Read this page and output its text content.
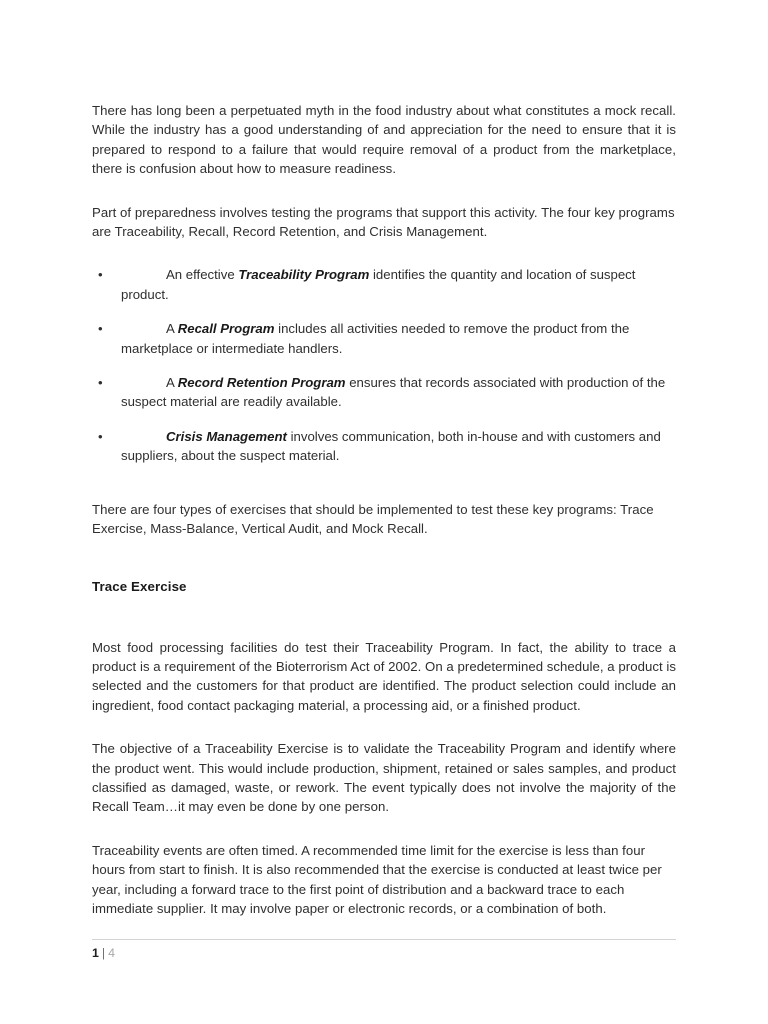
There has long been a perpetuated myth in the food industry about what constitutes a mock recall. While the industry has a good understanding of and appreciation for the need to ensure that it is prepared to respond to a failure that would require removal of a product from the marketplace, there is confusion about how to measure readiness.

Part of preparedness involves testing the programs that support this activity. The four key programs are Traceability, Recall, Record Retention, and Crisis Management.

•	An effective Traceability Program identifies the quantity and location of suspect product.
•	A Recall Program includes all activities needed to remove the product from the marketplace or intermediate handlers.
•	A Record Retention Program ensures that records associated with production of the suspect material are readily available.
•	Crisis Management involves communication, both in-house and with customers and suppliers, about the suspect material.

There are four types of exercises that should be implemented to test these key programs: Trace Exercise, Mass-Balance, Vertical Audit, and Mock Recall.

Trace Exercise

Most food processing facilities do test their Traceability Program. In fact, the ability to trace a product is a requirement of the Bioterrorism Act of 2002. On a predetermined schedule, a product is selected and the customers for that product are identified. The product selection could include an ingredient, food contact packaging material, a processing aid, or a finished product.

The objective of a Traceability Exercise is to validate the Traceability Program and identify where the product went. This would include production, shipment, retained or sales samples, and product classified as damaged, waste, or rework. The event typically does not involve the majority of the Recall Team…it may even be done by one person.

Traceability events are often timed. A recommended time limit for the exercise is less than four hours from start to finish. It is also recommended that the exercise is conducted at least twice per year, including a forward trace to the first point of distribution and a backward trace to each immediate supplier. It may involve paper or electronic records, or a combination of both.

1 | 4
